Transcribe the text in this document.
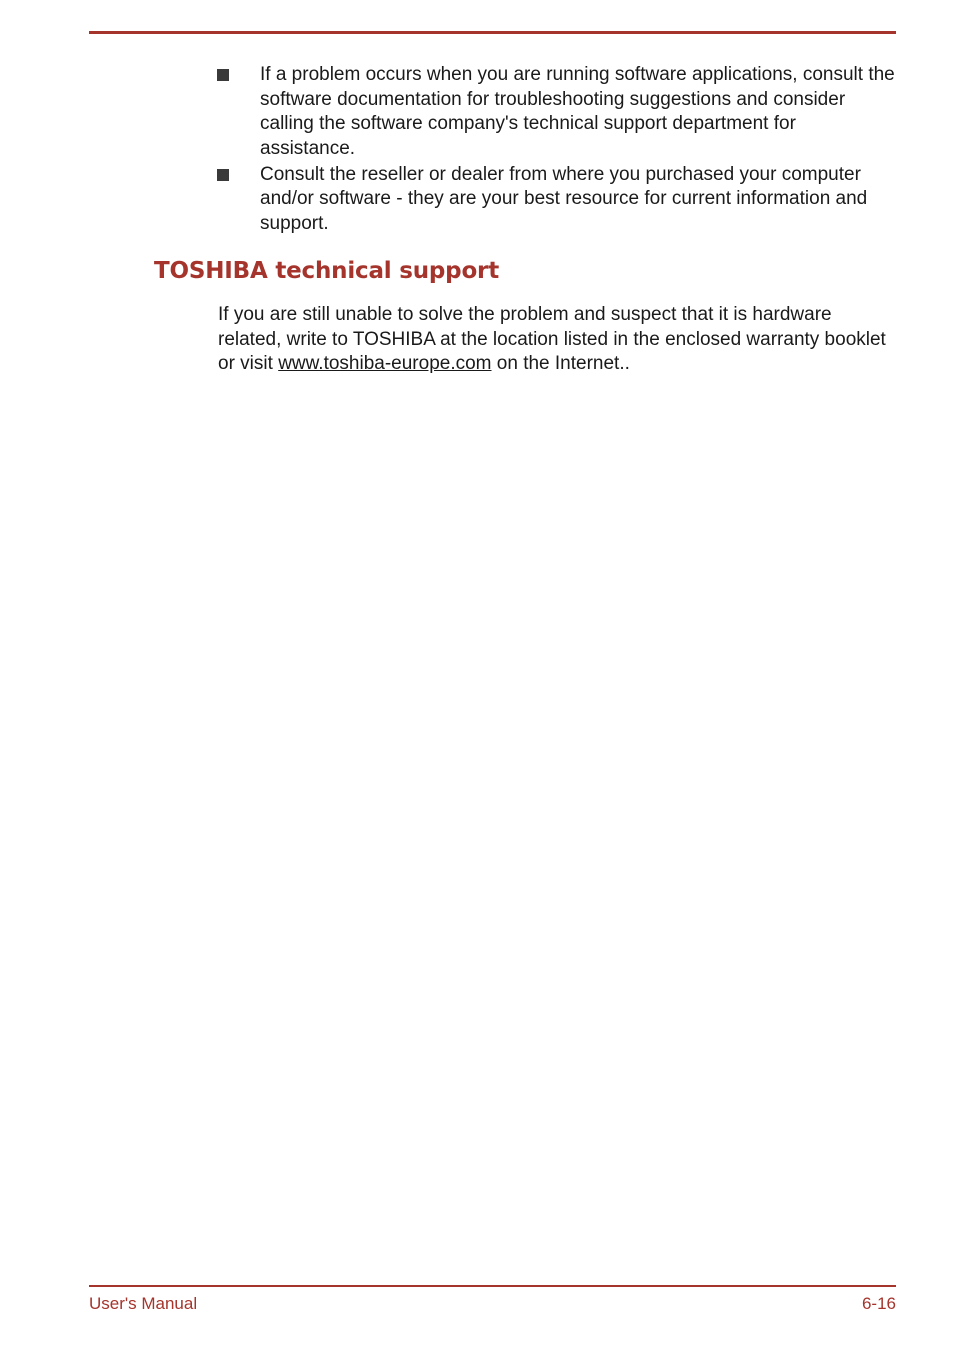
If a problem occurs when you are running software applications, consult the software documentation for troubleshooting suggestions and consider calling the software company's technical support department for assistance.
Consult the reseller or dealer from where you purchased your computer and/or software - they are your best resource for current information and support.
TOSHIBA technical support

If you are still unable to solve the problem and suspect that it is hardware related, write to TOSHIBA at the location listed in the enclosed warranty booklet or visit www.toshiba-europe.com on the Internet..

User's Manual	6-16
